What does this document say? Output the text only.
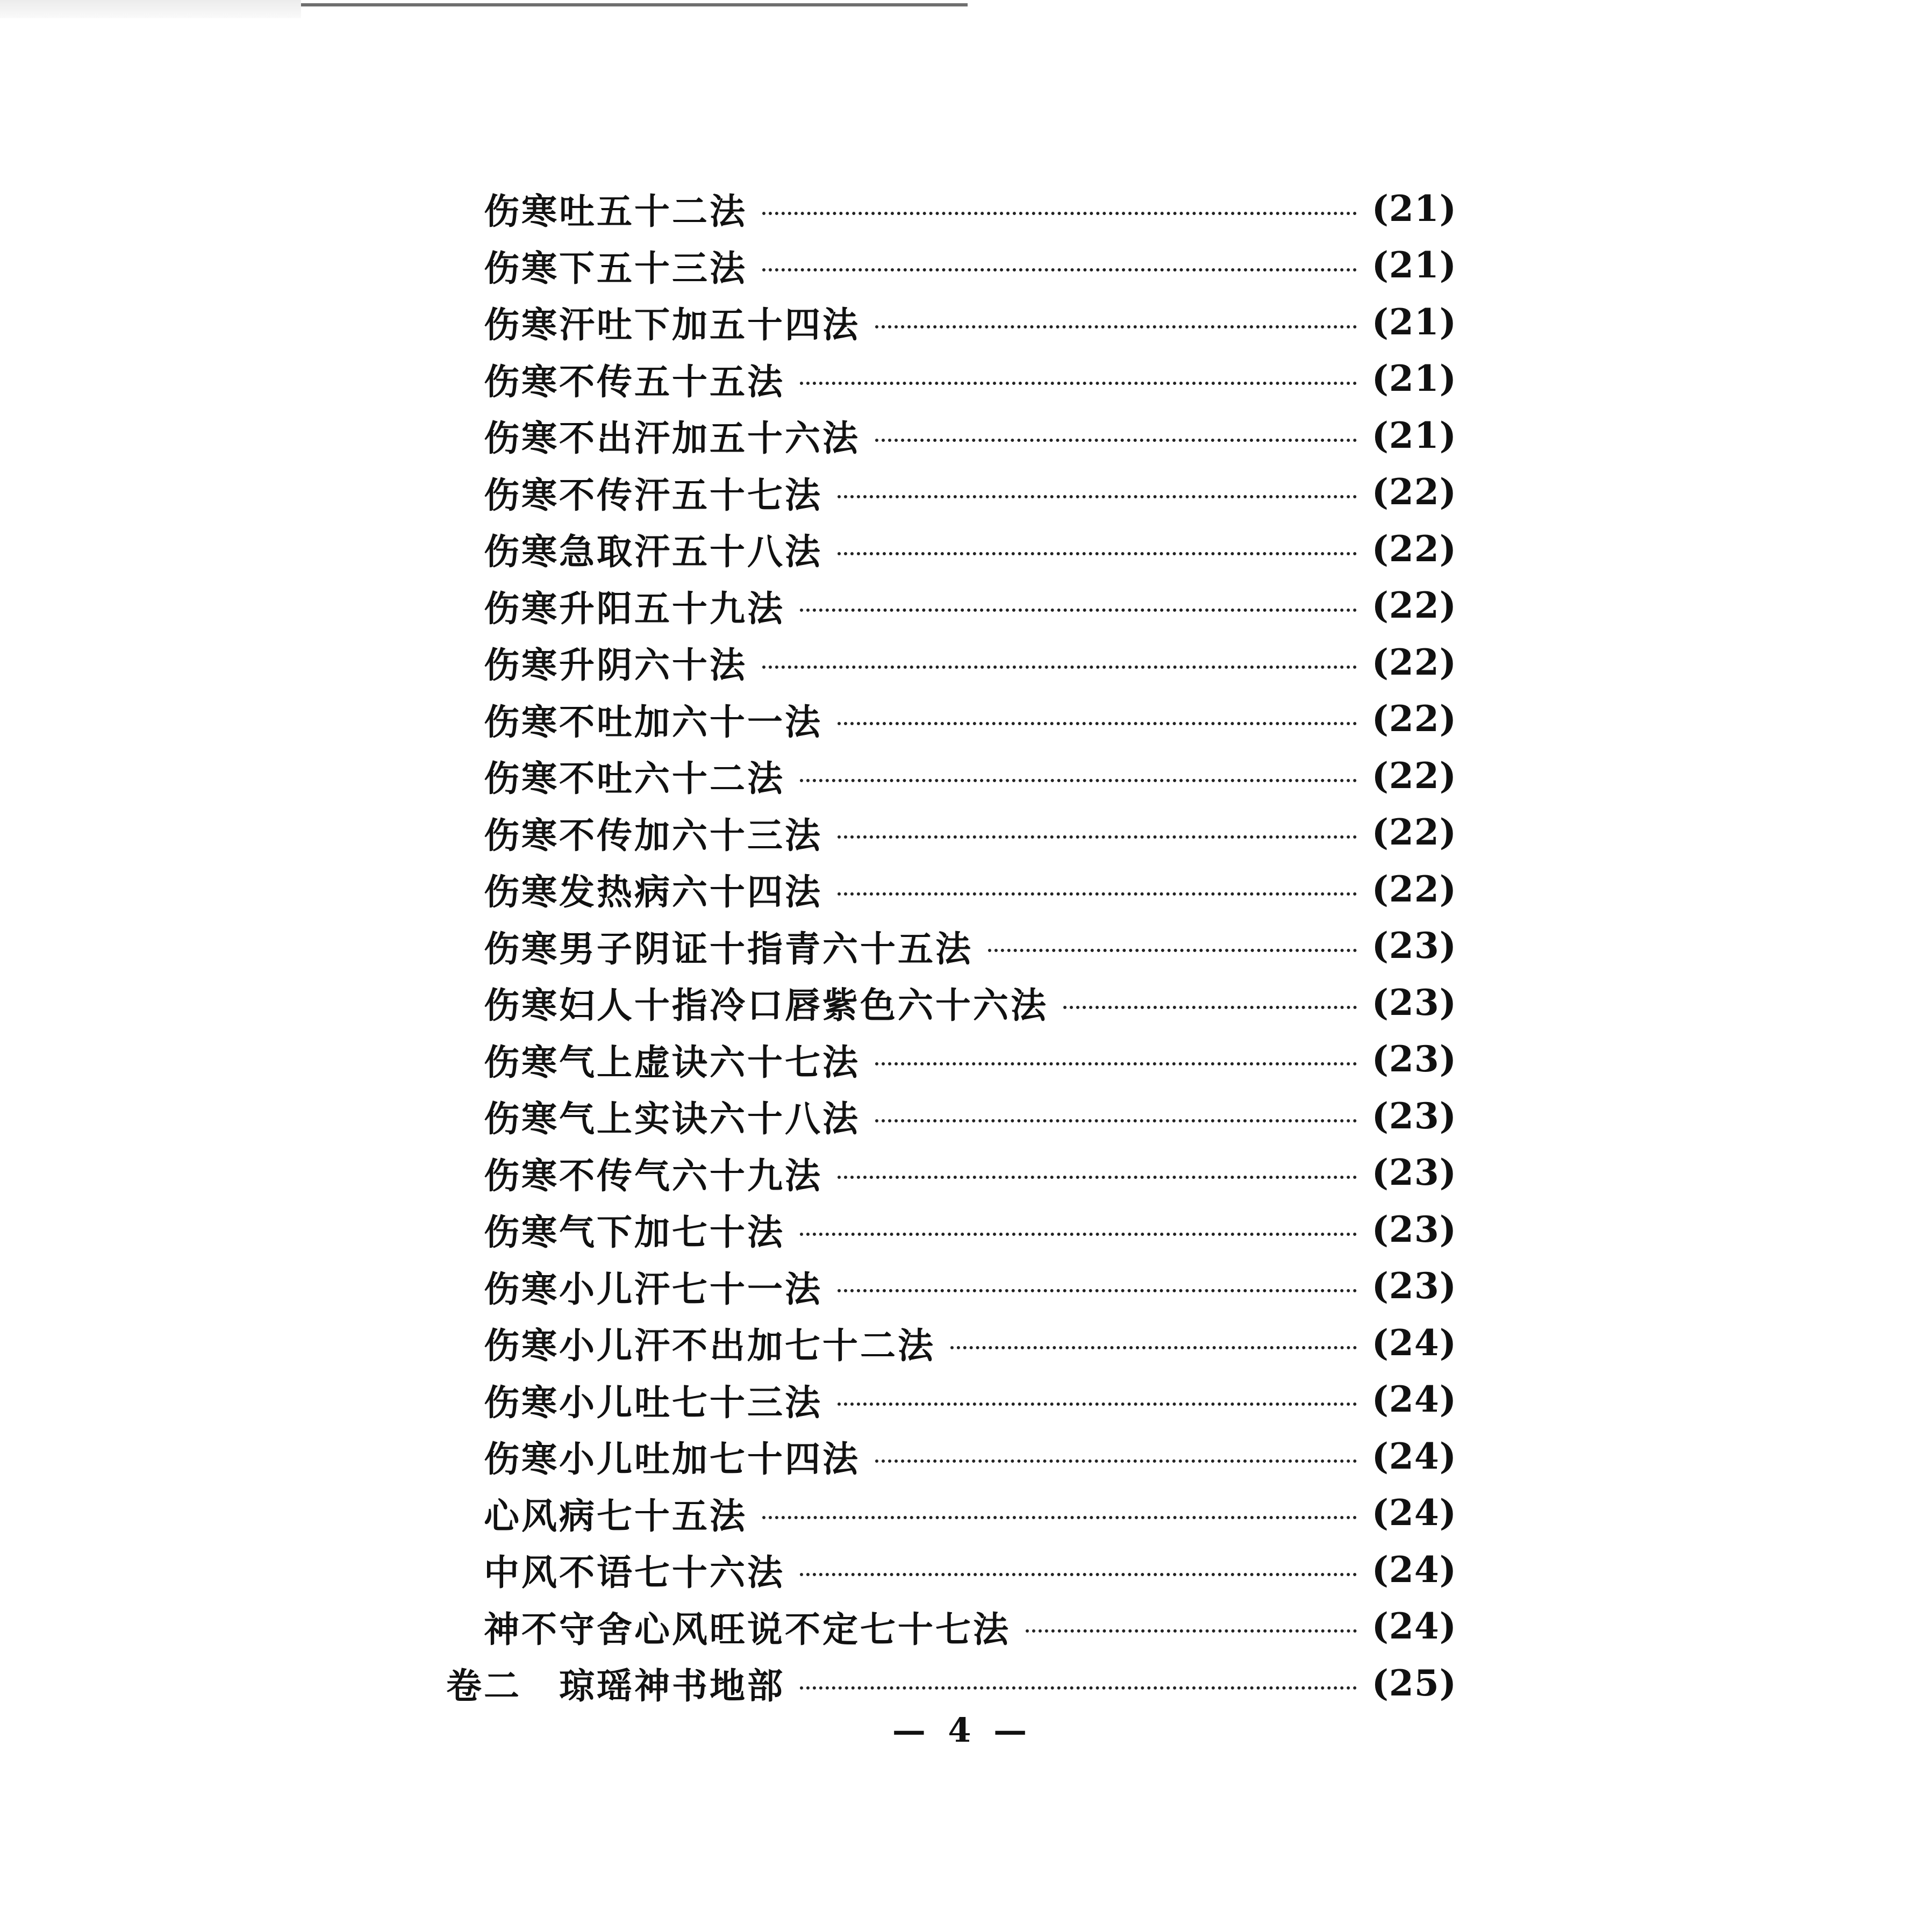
伤寒吐五十二法	(21)
伤寒下五十三法	(21)
伤寒汗吐下加五十四法	(21)
伤寒不传五十五法	(21)
伤寒不出汗加五十六法	(21)
伤寒不传汗五十七法	(22)
伤寒急取汗五十八法	(22)
伤寒升阳五十九法	(22)
伤寒升阴六十法	(22)
伤寒不吐加六十一法	(22)
伤寒不吐六十二法	(22)
伤寒不传加六十三法	(22)
伤寒发热病六十四法	(22)
伤寒男子阴证十指青六十五法	(23)
伤寒妇人十指冷口唇紫色六十六法	(23)
伤寒气上虚诀六十七法	(23)
伤寒气上实诀六十八法	(23)
伤寒不传气六十九法	(23)
伤寒气下加七十法	(23)
伤寒小儿汗七十一法	(23)
伤寒小儿汗不出加七十二法	(24)
伤寒小儿吐七十三法	(24)
伤寒小儿吐加七十四法	(24)
心风病七十五法	(24)
中风不语七十六法	(24)
神不守舍心风旺说不定七十七法	(24)
卷二　琼瑶神书地部	(25)
— 4 —
